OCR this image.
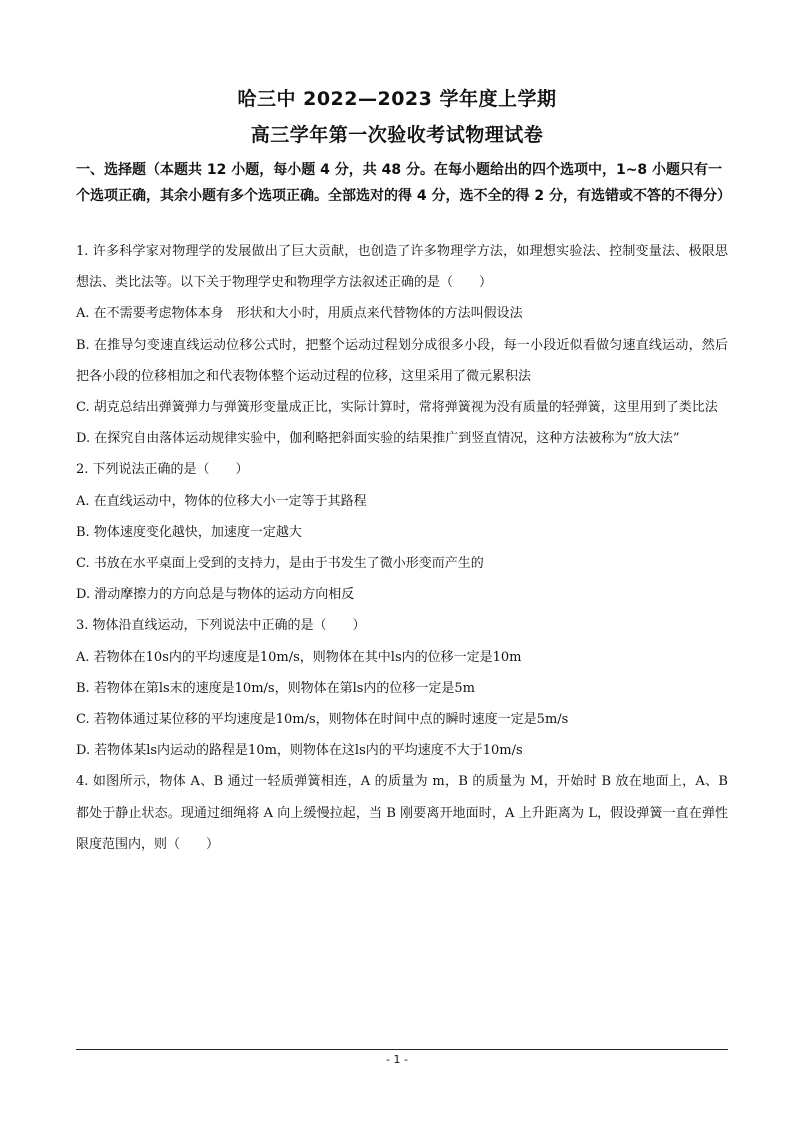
哈三中 2022—2023 学年度上学期
高三学年第一次验收考试物理试卷
一、选择题（本题共 12 小题，每小题 4 分，共 48 分。在每小题给出的四个选项中，1~8 小题只有一个选项正确，其余小题有多个选项正确。全部选对的得 4 分，选不全的得 2 分，有选错或不答的不得分）

1. 许多科学家对物理学的发展做出了巨大贡献，也创造了许多物理学方法，如理想实验法、控制变量法、极限思想法、类比法等。以下关于物理学史和物理学方法叙述正确的是（　　）

A. 在不需要考虑物体本身　形状和大小时，用质点来代替物体的方法叫假设法

B. 在推导匀变速直线运动位移公式时，把整个运动过程划分成很多小段，每一小段近似看做匀速直线运动，然后把各小段的位移相加之和代表物体整个运动过程的位移，这里采用了微元累积法

C. 胡克总结出弹簧弹力与弹簧形变量成正比，实际计算时，常将弹簧视为没有质量的轻弹簧，这里用到了类比法

D. 在探究自由落体运动规律实验中，伽利略把斜面实验的结果推广到竖直情况，这种方法被称为“放大法”

2. 下列说法正确的是（　　）

A. 在直线运动中，物体的位移大小一定等于其路程

B. 物体速度变化越快，加速度一定越大

C. 书放在水平桌面上受到的支持力，是由于书发生了微小形变而产生的

D. 滑动摩擦力的方向总是与物体的运动方向相反

3. 物体沿直线运动，下列说法中正确的是（　　）

A. 若物体在10s内的平均速度是10m/s，则物体在其中ls内的位移一定是10m

B. 若物体在第ls末的速度是10m/s，则物体在第ls内的位移一定是5m

C. 若物体通过某位移的平均速度是10m/s，则物体在时间中点的瞬时速度一定是5m/s

D. 若物体某ls内运动的路程是10m，则物体在这ls内的平均速度不大于10m/s

4. 如图所示，物体 A、B 通过一轻质弹簧相连，A 的质量为 m，B 的质量为 M，开始时 B 放在地面上，A、B 都处于静止状态。现通过细绳将 A 向上缓慢拉起，当 B 刚要离开地面时，A 上升距离为 L，假设弹簧一直在弹性限度范围内，则（　　）

- 1 -
